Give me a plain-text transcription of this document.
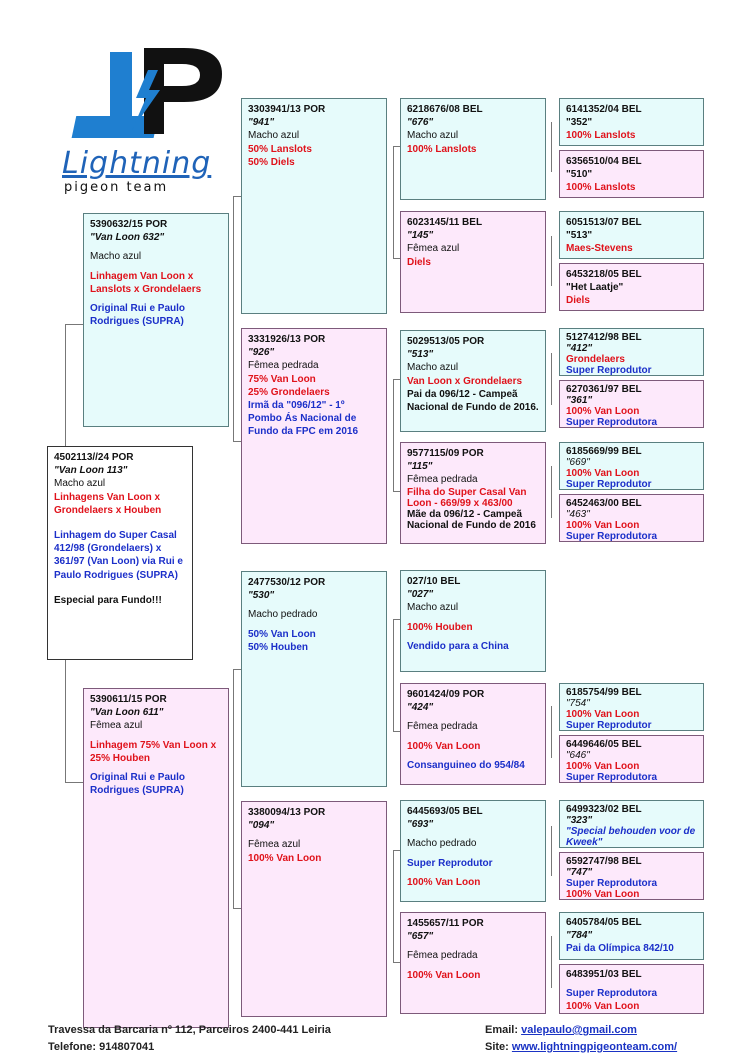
Lightning
pigeon team
4502113//24 POR
"Van Loon 113"
Macho azul
Linhagens Van Loon x Grondelaers x Houben
Linhagem do Super Casal 412/98 (Grondelaers) x 361/97 (Van Loon) via Rui e Paulo Rodrigues (SUPRA)
Especial para Fundo!!!
5390632/15 POR
"Van Loon 632"
Macho azul
Linhagem Van Loon x Lanslots x Grondelaers
Original Rui e Paulo Rodrigues (SUPRA)
5390611/15 POR
"Van Loon 611"
Fêmea azul
Linhagem 75% Van Loon x 25% Houben
Original Rui e Paulo Rodrigues (SUPRA)
3303941/13 POR
"941"
Macho azul
50% Lanslots
50% Diels
3331926/13 POR
"926"
Fêmea pedrada
75% Van Loon
25% Grondelaers
Irmã da "096/12" - 1º Pombo Ás Nacional de Fundo da FPC em 2016
2477530/12 POR
"530"
Macho pedrado
50% Van Loon
50% Houben
3380094/13 POR
"094"
Fêmea azul
100% Van Loon
6218676/08 BEL
"676"
Macho azul
100% Lanslots
6023145/11 BEL
"145"
Fêmea azul
Diels
5029513/05 POR
"513"
Macho azul
Van Loon x Grondelaers
Pai da 096/12 - Campeã Nacional de Fundo de 2016.
9577115/09 POR
"115"
Fêmea pedrada
Filha do Super Casal Van Loon - 669/99 x 463/00
Mãe da 096/12 - Campeã Nacional de Fundo de 2016
027/10 BEL
"027"
Macho azul
100% Houben
Vendido para a China
9601424/09 POR
"424"
Fêmea pedrada
100% Van Loon
Consanguineo do 954/84
6445693/05 BEL
"693"
Macho pedrado
Super Reprodutor
100% Van Loon
1455657/11 POR
"657"
Fêmea pedrada
100% Van Loon
6141352/04 BEL
"352"
100% Lanslots
6356510/04 BEL
"510"
100% Lanslots
6051513/07 BEL
"513"
Maes-Stevens
6453218/05 BEL
"Het Laatje"
Diels
5127412/98 BEL
"412"
Grondelaers
Super Reprodutor
6270361/97 BEL
"361"
100% Van Loon
Super Reprodutora
6185669/99 BEL
"669"
100% Van Loon
Super Reprodutor
6452463/00 BEL
"463"
100% Van Loon
Super Reprodutora
6185754/99 BEL
"754"
100% Van Loon
Super Reprodutor
6449646/05 BEL
"646"
100% Van Loon
Super Reprodutora
6499323/02 BEL
"323"
"Special behouden voor de Kweek"
6592747/98 BEL
"747"
Super Reprodutora
100% Van Loon
6405784/05 BEL
"784"
Pai da Olímpica 842/10
6483951/03 BEL
Super Reprodutora
100% Van Loon
Travessa da Barcaria nº 112, Parceiros 2400-441 Leiria
Telefone: 914807041
Email: valepaulo@gmail.com
Site: www.lightningpigeonteam.com/
